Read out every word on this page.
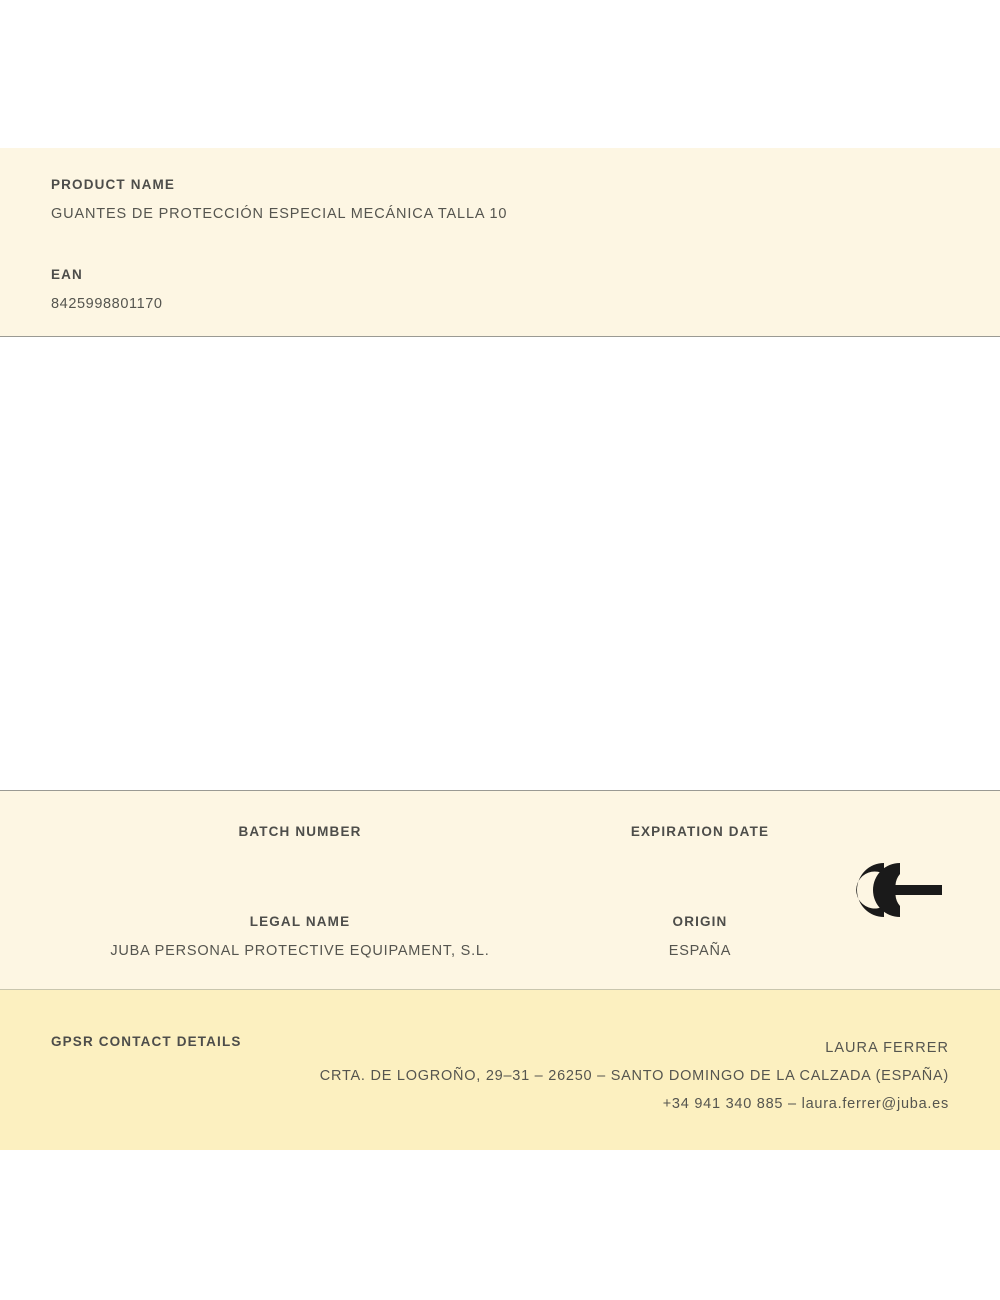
PRODUCT NAME
GUANTES DE PROTECCIÓN ESPECIAL MECÁNICA TALLA 10
EAN
8425998801170
BATCH NUMBER	EXPIRATION DATE
LEGAL NAME
JUBA PERSONAL PROTECTIVE EQUIPAMENT, S.L.
ORIGIN
ESPAÑA
GPSR CONTACT DETAILS	LAURA FERRER
CRTA. DE LOGROÑO, 29–31 – 26250 – SANTO DOMINGO DE LA CALZADA (ESPAÑA)
+34 941 340 885 – laura.ferrer@juba.es
